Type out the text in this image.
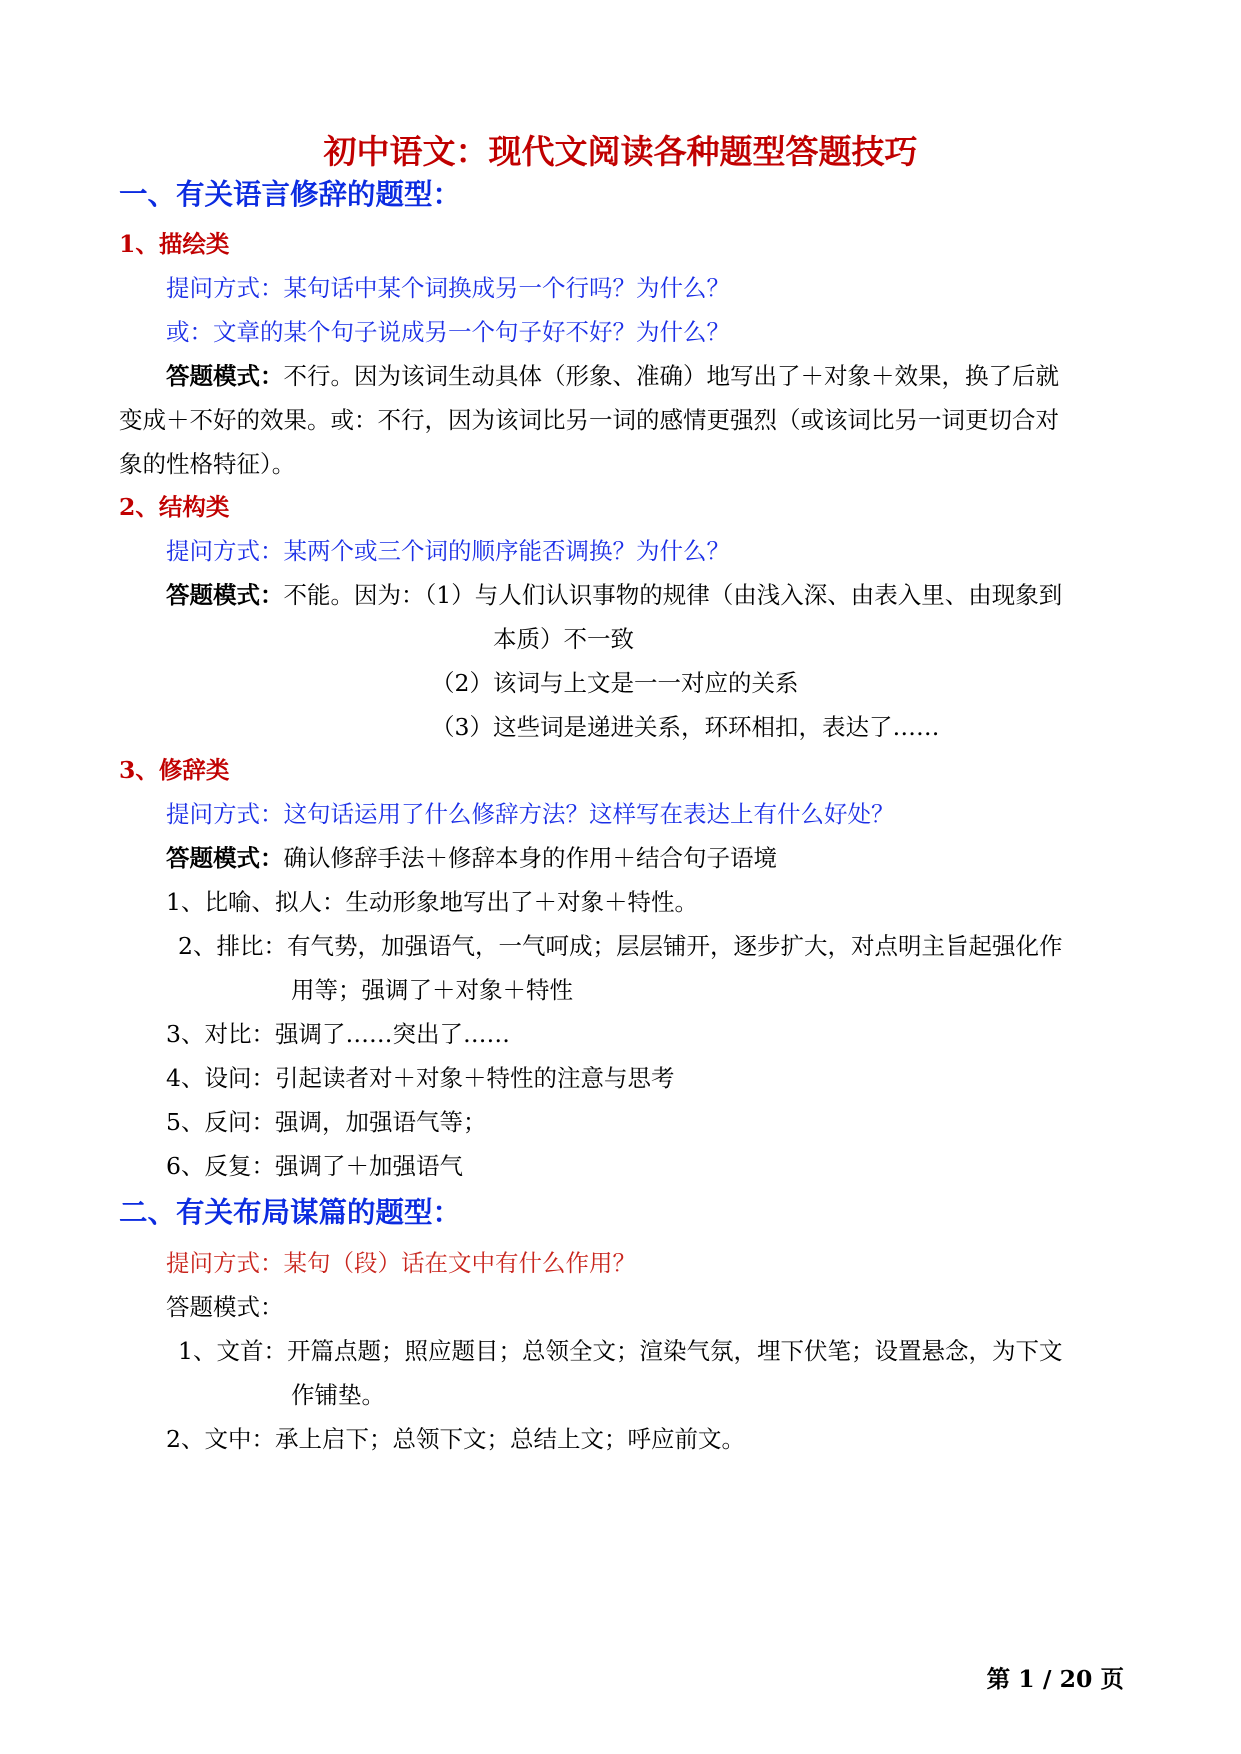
初中语文：现代文阅读各种题型答题技巧
一、有关语言修辞的题型：
1、描绘类
提问方式：某句话中某个词换成另一个行吗？为什么？
或：文章的某个句子说成另一个句子好不好？为什么？
答题模式：不行。因为该词生动具体（形象、准确）地写出了＋对象＋效果，换了后就
变成＋不好的效果。或：不行，因为该词比另一词的感情更强烈（或该词比另一词更切合对
象的性格特征）。
2、结构类
提问方式：某两个或三个词的顺序能否调换？为什么？
答题模式：不能。因为：（1）与人们认识事物的规律（由浅入深、由表入里、由现象到
本质）不一致
（2）该词与上文是一一对应的关系
（3）这些词是递进关系，环环相扣，表达了……
3、修辞类
提问方式：这句话运用了什么修辞方法？这样写在表达上有什么好处？
答题模式：确认修辞手法＋修辞本身的作用＋结合句子语境
1、比喻、拟人：生动形象地写出了＋对象＋特性。
2、排比：有气势，加强语气，一气呵成；层层铺开，逐步扩大，对点明主旨起强化作
用等；强调了＋对象＋特性
3、对比：强调了……突出了……
4、设问：引起读者对＋对象＋特性的注意与思考
5、反问：强调，加强语气等；
6、反复：强调了＋加强语气
二、有关布局谋篇的题型：
提问方式：某句（段）话在文中有什么作用？
答题模式：
1、文首：开篇点题；照应题目；总领全文；渲染气氛，埋下伏笔；设置悬念，为下文
作铺垫。
2、文中：承上启下；总领下文；总结上文；呼应前文。
第 1 / 20 页
